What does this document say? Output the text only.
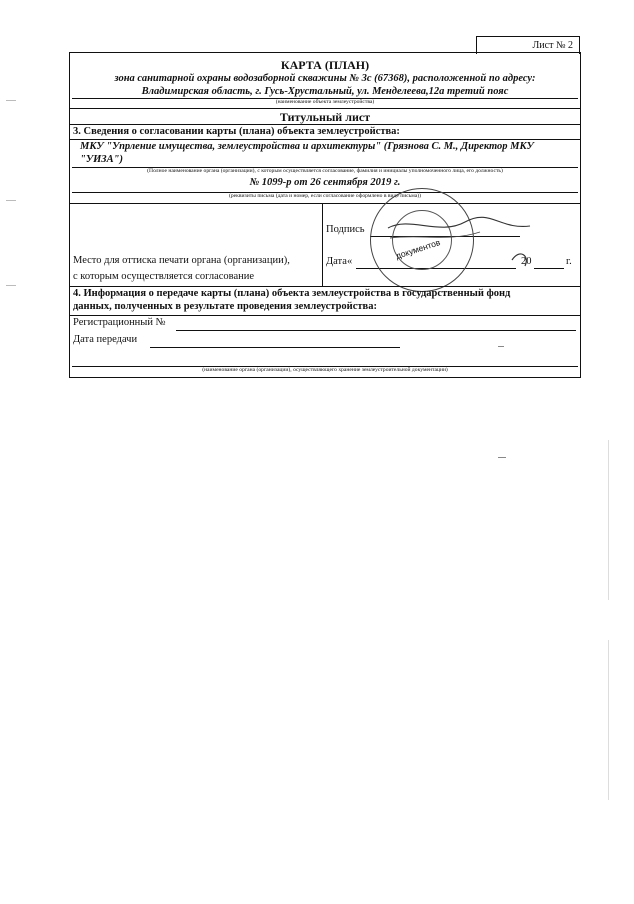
Лист № 2
КАРТА (ПЛАН)
зона санитарной охраны водозаборной скважины № 3с (67368), расположенной по адресу:
Владимирская область, г. Гусь-Хрустальный, ул. Менделеева,12а третий пояс
(наименование объекта землеустройства)
Титульный лист
3. Сведения о согласовании карты (плана) объекта землеустройства:
МКУ "Упрление имущества, землеустройства и архитектуры" (Грязнова С. М., Директор МКУ
"УИЗА")
(Полное наименование органа (организации), с которым осуществляется согласование, фамилия и инициалы уполномоченного лица, его должность)
№ 1099-р от 26 сентября 2019 г.
(реквизиты письма (дата и номер, если согласование оформлено в виде письма))
Место для оттиска печати органа (организации),
с которым осуществляется согласование
Подпись
Дата «	20	г.
документов
4. Информация о передаче карты (плана) объекта землеустройства в государственный фонд
данных, полученных в результате проведения землеустройства:
Регистрационный №
Дата передачи
(наименование органа (организации), осуществляющего хранение землеустроительной документации)
